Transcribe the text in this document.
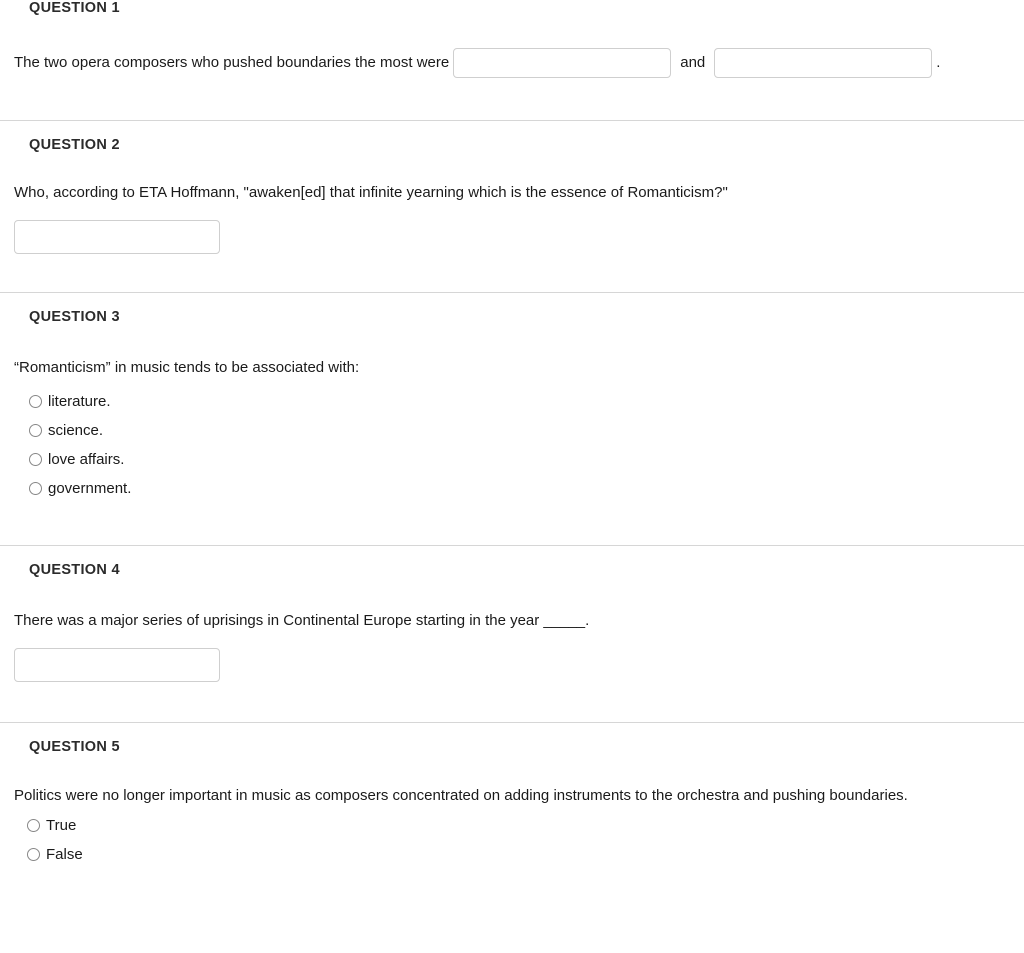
QUESTION 1
The two opera composers who pushed boundaries the most were	and	.
QUESTION 2
Who, according to ETA Hoffmann, "awaken[ed] that infinite yearning which is the essence of Romanticism?"
QUESTION 3
“Romanticism” in music tends to be associated with:
literature.
science.
love affairs.
government.
QUESTION 4
There was a major series of uprisings in Continental Europe starting in the year _____.
QUESTION 5
Politics were no longer important in music as composers concentrated on adding instruments to the orchestra and pushing boundaries.
True
False
